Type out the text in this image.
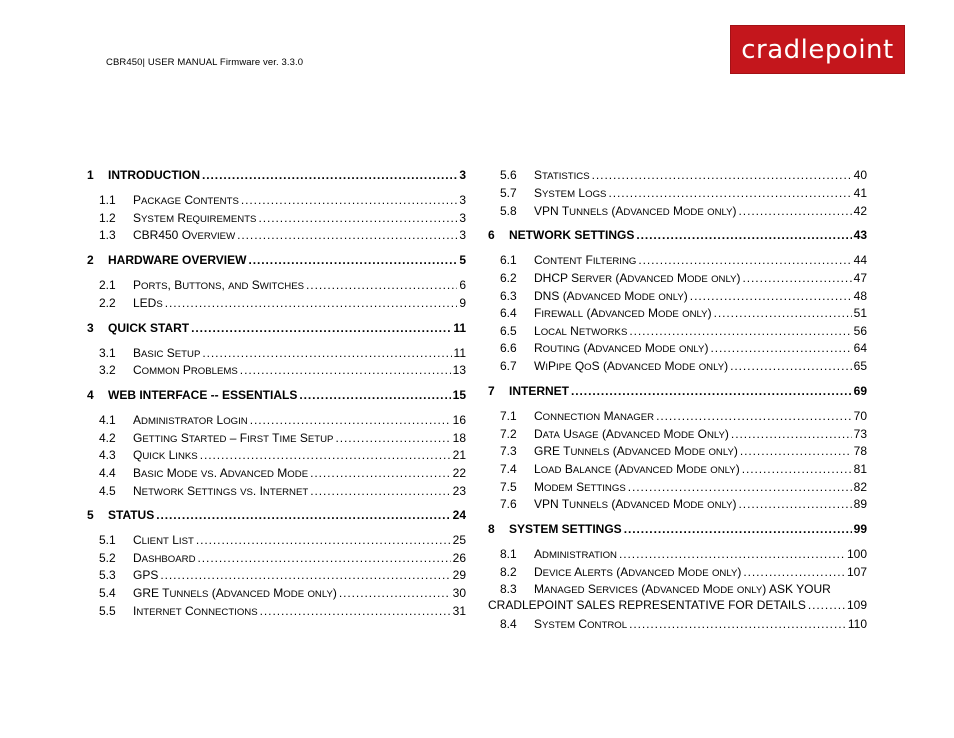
CBR450| USER MANUAL Firmware ver. 3.3.0	cradlepoint
1	INTRODUCTION . . .	3
1.1	PACKAGE CONTENTS . . .	3
1.2	SYSTEM REQUIREMENTS . . .	3
1.3	CBR450 OVERVIEW . . .	3
2	HARDWARE OVERVIEW . . .	5
2.1	PORTS, BUTTONS, AND SWITCHES . . .	6
2.2	LEDS . . .	9
3	QUICK START . . .	11
3.1	BASIC SETUP . . .	11
3.2	COMMON PROBLEMS . . .	13
4	WEB INTERFACE -- ESSENTIALS . . .	15
4.1	ADMINISTRATOR LOGIN . . .	16
4.2	GETTING STARTED – FIRST TIME SETUP . . .	18
4.3	QUICK LINKS . . .	21
4.4	BASIC MODE VS. ADVANCED MODE . . .	22
4.5	NETWORK SETTINGS VS. INTERNET . . .	23
5	STATUS . . .	24
5.1	CLIENT LIST . . .	25
5.2	DASHBOARD . . .	26
5.3	GPS . . .	29
5.4	GRE TUNNELS (ADVANCED MODE ONLY) . . .	30
5.5	INTERNET CONNECTIONS . . .	31
5.6	STATISTICS . . .	40
5.7	SYSTEM LOGS . . .	41
5.8	VPN TUNNELS (ADVANCED MODE ONLY) . . .	42
6	NETWORK SETTINGS . . .	43
6.1	CONTENT FILTERING . . .	44
6.2	DHCP SERVER (ADVANCED MODE ONLY) . . .	47
6.3	DNS (ADVANCED MODE ONLY) . . .	48
6.4	FIREWALL (ADVANCED MODE ONLY) . . .	51
6.5	LOCAL NETWORKS . . .	56
6.6	ROUTING (ADVANCED MODE ONLY) . . .	64
6.7	WIPIPE QOS (ADVANCED MODE ONLY) . . .	65
7	INTERNET . . .	69
7.1	CONNECTION MANAGER . . .	70
7.2	DATA USAGE (ADVANCED MODE ONLY) . . .	73
7.3	GRE TUNNELS (ADVANCED MODE ONLY) . . .	78
7.4	LOAD BALANCE (ADVANCED MODE ONLY) . . .	81
7.5	MODEM SETTINGS . . .	82
7.6	VPN TUNNELS (ADVANCED MODE ONLY) . . .	89
8	SYSTEM SETTINGS . . .	99
8.1	ADMINISTRATION . . .	100
8.2	DEVICE ALERTS (ADVANCED MODE ONLY) . . .	107
8.3	MANAGED SERVICES (ADVANCED MODE ONLY) ASK YOUR
CRADLEPOINT SALES REPRESENTATIVE FOR DETAILS . . .	109
8.4	SYSTEM CONTROL . . .	110
